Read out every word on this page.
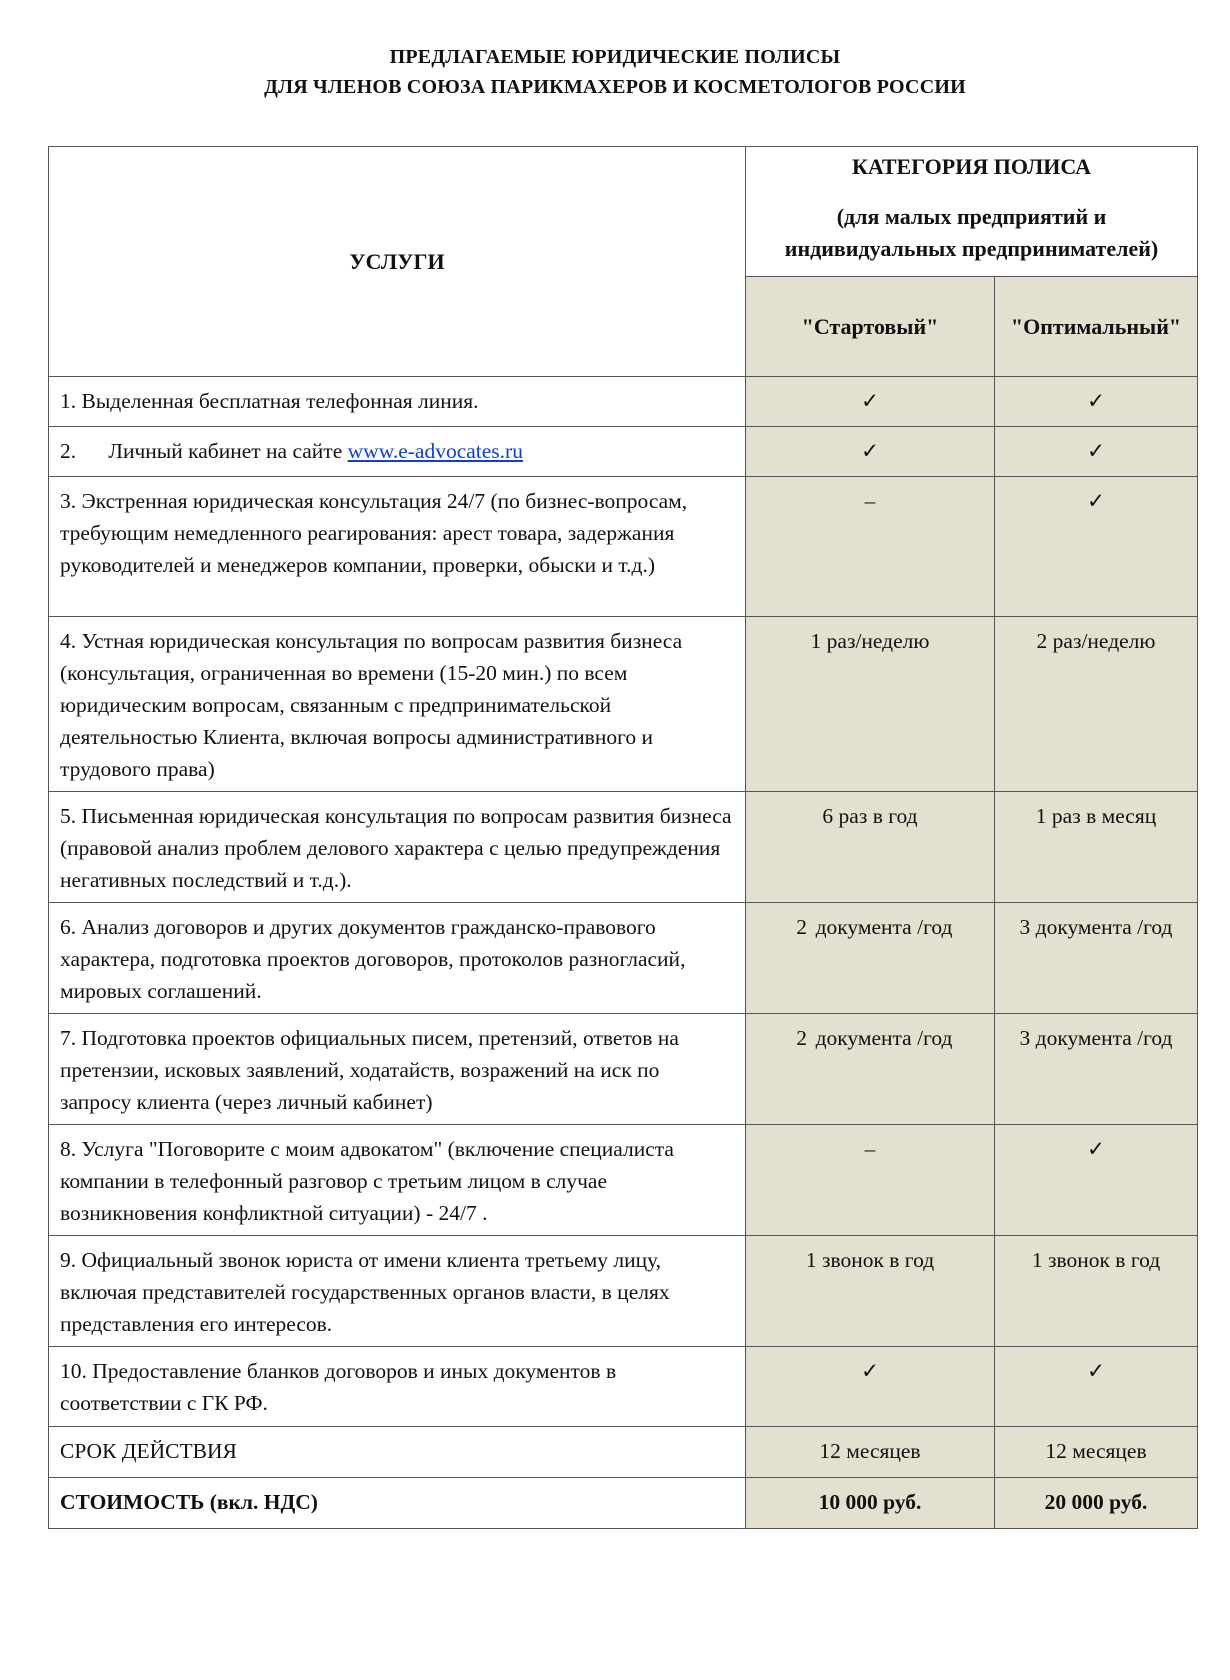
ПРЕДЛАГАЕМЫЕ ЮРИДИЧЕСКИЕ ПОЛИСЫ
ДЛЯ ЧЛЕНОВ СОЮЗА ПАРИКМАХЕРОВ И КОСМЕТОЛОГОВ РОССИИ
УСЛУГИ	КАТЕГОРИЯ ПОЛИСА
(для малых предприятий и
индивидуальных предпринимателей)	

	"Стартовый"	"Оптимальный"
1. Выделенная бесплатная телефонная линия.	✓	✓
2.      Личный кабинет на сайте www.e-advocates.ru	✓	✓
3. Экстренная юридическая консультация 24/7 (по бизнес-вопросам, требующим немедленного реагирования: арест товара, задержания руководителей и менеджеров компании, проверки, обыски и т.д.)	–	✓
4. Устная юридическая консультация по вопросам развития бизнеса (консультация, ограниченная во времени (15-20 мин.) по всем юридическим вопросам, связанным с предпринимательской деятельностью Клиента, включая вопросы административного и трудового права)	1 раз/неделю	2 раз/неделю
5. Письменная юридическая консультация по вопросам развития бизнеса (правовой анализ проблем делового характера с целью предупреждения негативных последствий и т.д.).	6 раз в год	1 раз в месяц
6. Анализ договоров и других документов гражданско-правового характера, подготовка проектов договоров, протоколов разногласий, мировых соглашений.	2 документа /год	3 документа /год
7. Подготовка проектов официальных писем, претензий, ответов на претензии, исковых заявлений, ходатайств, возражений на иск по запросу клиента (через личный кабинет)	2 документа /год	3 документа /год
8. Услуга "Поговорите с моим адвокатом" (включение специалиста компании в телефонный разговор с третьим лицом в случае возникновения конфликтной ситуации) - 24/7 .	–	✓
9. Официальный звонок юриста от имени клиента третьему лицу, включая представителей государственных органов власти, в целях представления его интересов.	1 звонок в год	1 звонок в год
10. Предоставление бланков договоров и иных документов в соответствии с ГК РФ.	✓	✓
СРОК ДЕЙСТВИЯ	12 месяцев	12 месяцев
СТОИМОСТЬ (вкл. НДС)	10 000 руб.	20 000 руб.
